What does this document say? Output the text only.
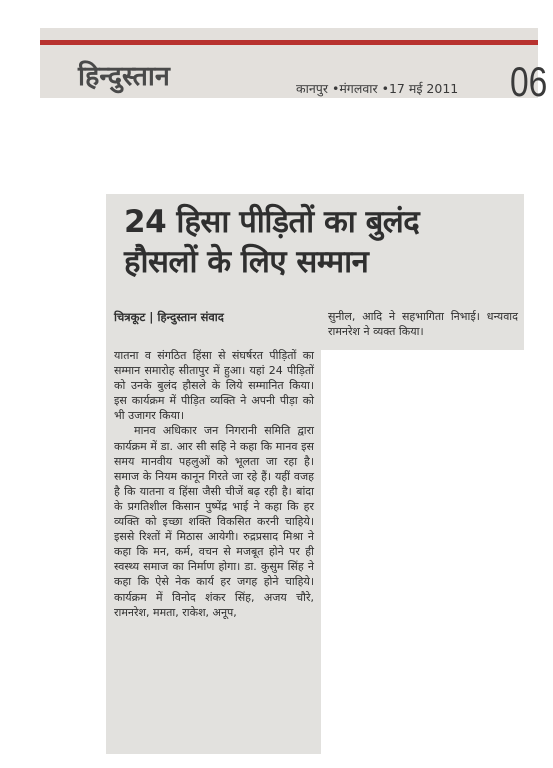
हिन्दुस्तान	कानपुर •मंगलवार •17 मई 2011 06
24 हिसा पीड़ितों का बुलंद
हौसलों के लिए सम्मान
चित्रकूट | हिन्दुस्तान संवाद	सुनील, आदि ने सहभागिता निभाई। धन्यवाद रामनरेश ने व्यक्त किया।

यातना व संगठित हिंसा से संघर्षरत पीड़ितों का सम्मान समारोह सीतापुर में हुआ। यहां 24 पीड़ितों को उनके बुलंद हौसले के लिये सम्मानित किया। इस कार्यक्रम में पीड़ित व्यक्ति ने अपनी पीड़ा को भी उजागर किया।

मानव अधिकार जन निगरानी समिति द्वारा कार्यक्रम में डा. आर सी सहि ने कहा कि मानव इस समय मानवीय पहलुओं को भूलता जा रहा है। समाज के नियम कानून गिरते जा रहे हैं। यहीं वजह है कि यातना व हिंसा जैसी चीजें बढ़ रही है। बांदा के प्रगतिशील किसान पुष्पेंद्र भाई ने कहा कि हर व्यक्ति को इच्छा शक्ति विकसित करनी चाहिये। इससे रिश्तों में मिठास आयेगी। रुद्रप्रसाद मिश्रा ने कहा कि मन, कर्म, वचन से मजबूत होने पर ही स्वस्थ्य समाज का निर्माण होगा। डा. कुसुम सिंह ने कहा कि ऐसे नेक कार्य हर जगह होने चाहिये। कार्यक्रम में विनोद शंकर सिंह, अजय चौरे, रामनरेश, ममता, राकेश, अनूप,
